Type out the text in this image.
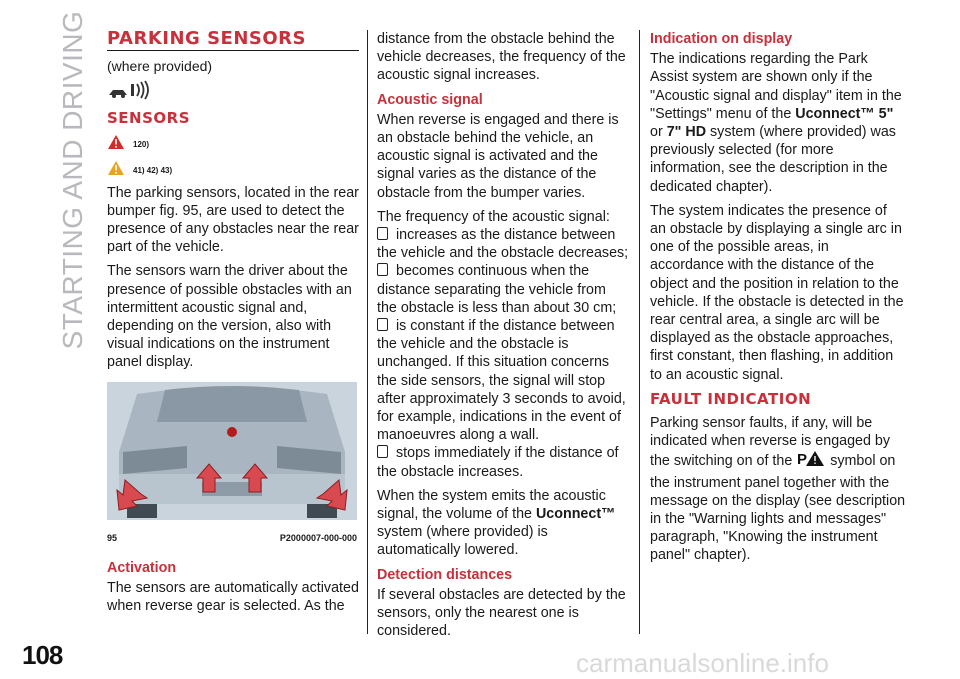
STARTING AND DRIVING
108	carmanualsonline.info
PARKING SENSORS

(where provided)

SENSORS
120)
41) 42) 43)

The parking sensors, located in the rear bumper fig. 95, are used to detect the presence of any obstacles near the rear part of the vehicle.

The sensors warn the driver about the presence of possible obstacles with an intermittent acoustic signal and, depending on the version, also with visual indications on the instrument panel display.

95	P2000007-000-000
Activation

The sensors are automatically activated when reverse gear is selected. As the

distance from the obstacle behind the vehicle decreases, the frequency of the acoustic signal increases.

Acoustic signal

When reverse is engaged and there is an obstacle behind the vehicle, an acoustic signal is activated and the signal varies as the distance of the obstacle from the bumper varies.

The frequency of the acoustic signal:

increases as the distance between the vehicle and the obstacle decreases;

becomes continuous when the distance separating the vehicle from the obstacle is less than about 30 cm;

is constant if the distance between the vehicle and the obstacle is unchanged. If this situation concerns the side sensors, the signal will stop after approximately 3 seconds to avoid, for example, indications in the event of manoeuvres along a wall.

stops immediately if the distance of the obstacle increases.

When the system emits the acoustic signal, the volume of the Uconnect™ system (where provided) is automatically lowered.

Detection distances

If several obstacles are detected by the sensors, only the nearest one is considered.

Indication on display

The indications regarding the Park Assist system are shown only if the "Acoustic signal and display" item in the "Settings" menu of the Uconnect™ 5" or 7" HD system (where provided) was previously selected (for more information, see the description in the dedicated chapter).

The system indicates the presence of an obstacle by displaying a single arc in one of the possible areas, in accordance with the distance of the object and the position in relation to the vehicle. If the obstacle is detected in the rear central area, a single arc will be displayed as the obstacle approaches, first constant, then flashing, in addition to an acoustic signal.

FAULT INDICATION

Parking sensor faults, if any, will be indicated when reverse is engaged by the switching on of the P symbol on the instrument panel together with the message on the display (see description in the "Warning lights and messages" paragraph, "Knowing the instrument panel" chapter).
